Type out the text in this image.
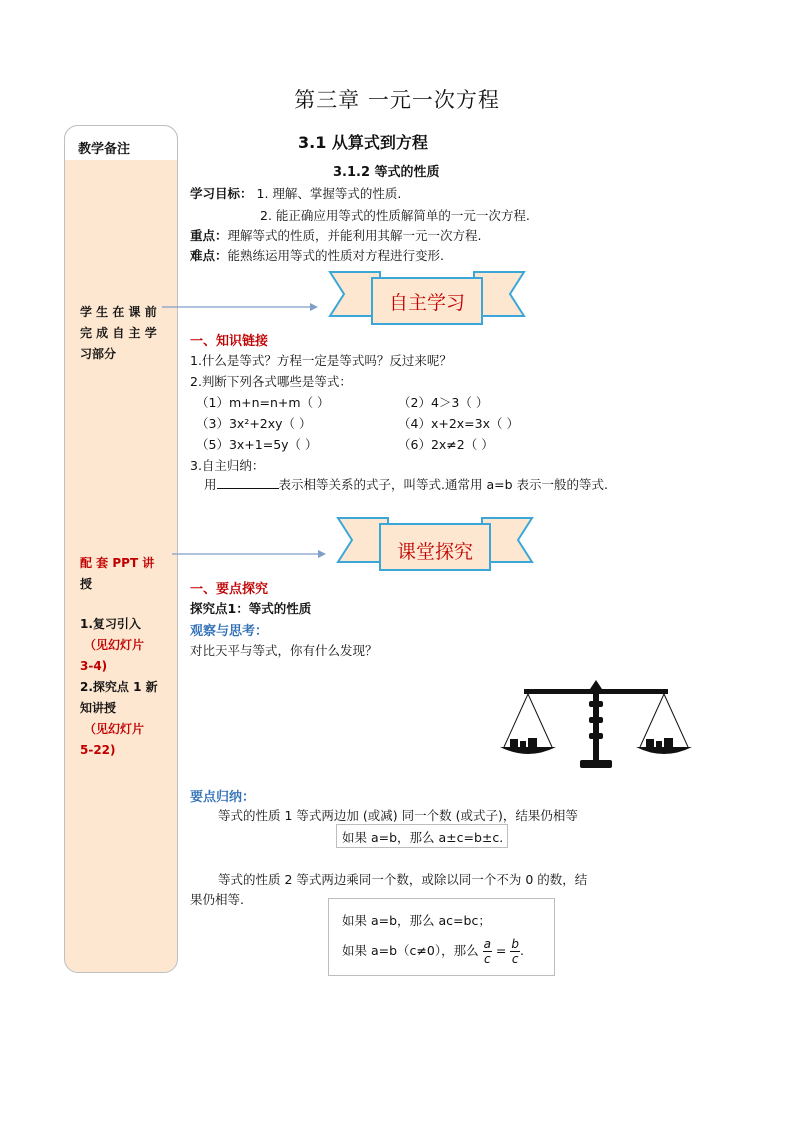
第三章 一元一次方程
3.1 从算式到方程
3.1.2 等式的性质
教学备注
学 生 在 课 前
完 成 自 主 学
习部分
配 套 PPT 讲
授
1.复习引入
（见幻灯片
3-4)
2.探究点 1 新
知讲授
（见幻灯片
5-22)
学习目标： 1. 理解、掌握等式的性质.
2. 能正确应用等式的性质解简单的一元一次方程.
重点：理解等式的性质，并能利用其解一元一次方程.
难点：能熟练运用等式的性质对方程进行变形.
自主学习
一、知识链接
1.什么是等式？方程一定是等式吗？反过来呢？
2.判断下列各式哪些是等式：
（1）m+n=n+m（ ）	（2）4＞3（ ）
（3）3x²+2xy（ ）	（4）x+2x=3x（ ）
（5）3x+1=5y（ ）	（6）2x≠2（ ）
3.自主归纳：
用	表示相等关系的式子，叫等式.通常用 a=b 表示一般的等式.
课堂探究
一、要点探究
探究点1：等式的性质
观察与思考：
对比天平与等式，你有什么发现？
要点归纳：
等式的性质 1 等式两边加 (或减) 同一个数 (或式子)，结果仍相等
如果 a=b，那么 a±c=b±c.
等式的性质 2 等式两边乘同一个数，或除以同一个不为 0 的数，结
果仍相等.
如果 a=b，那么 ac=bc；
如果 a=b（c≠0），那么 $\frac{a}{c} = \frac{b}{c}$ .
